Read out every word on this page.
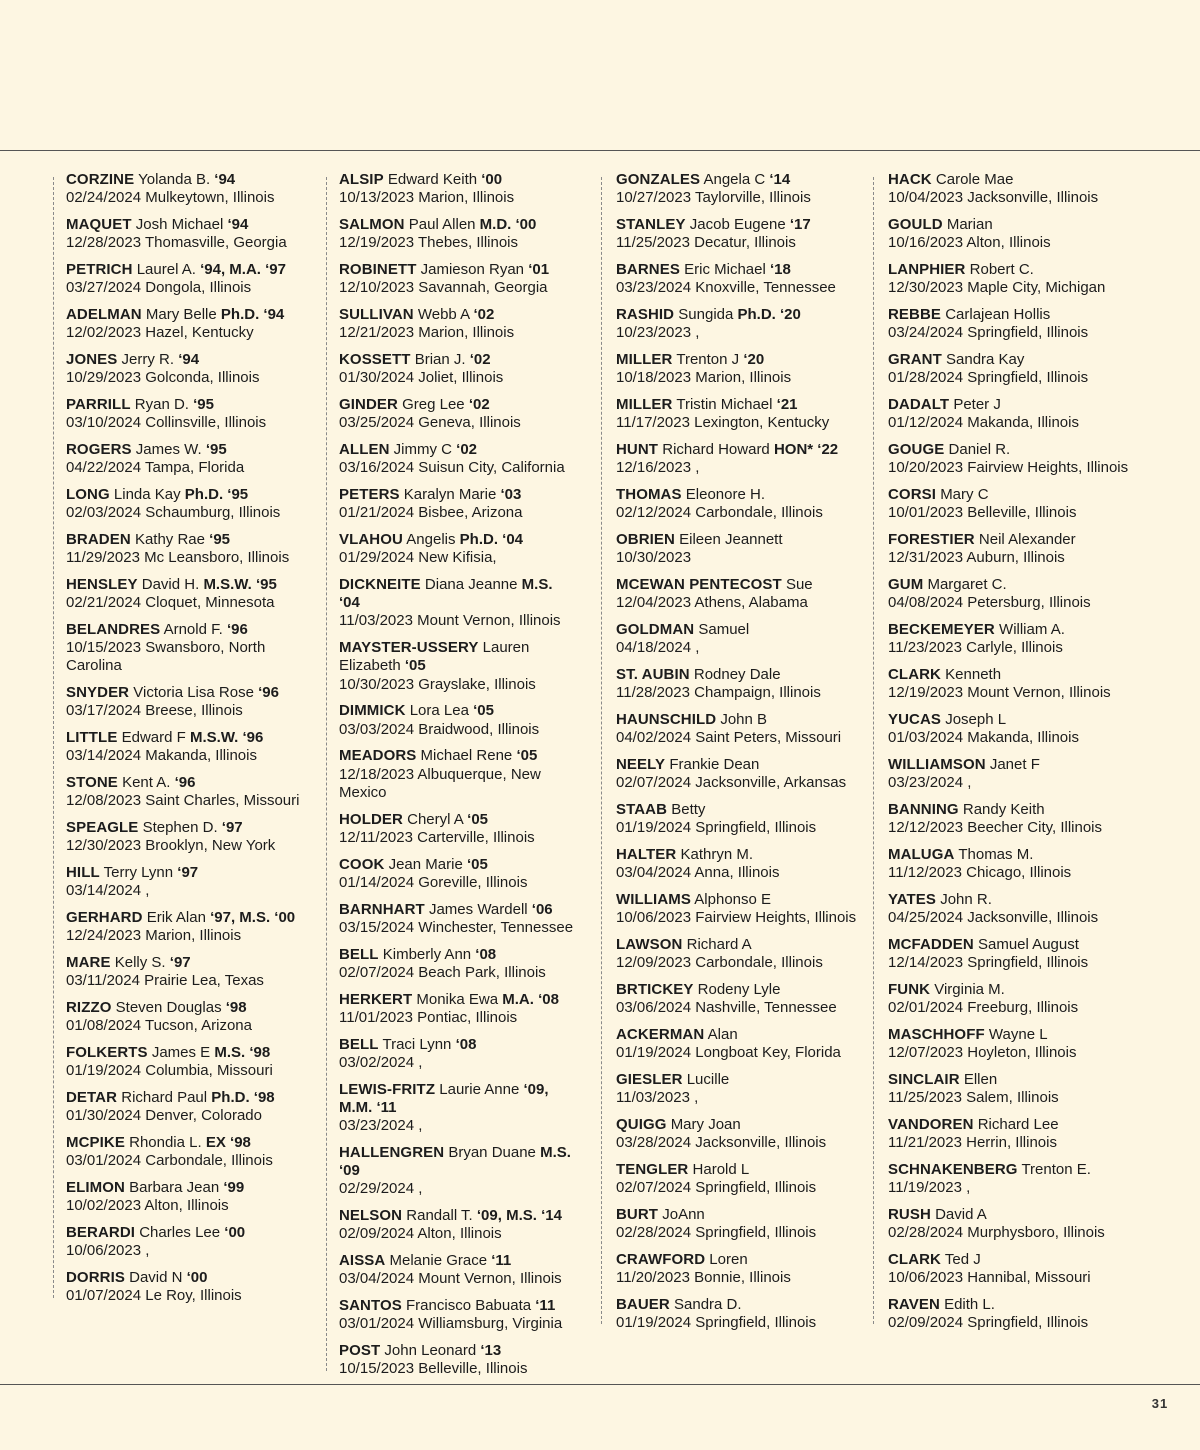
CORZINE Yolanda B. ‘94
02/24/2024 Mulkeytown, Illinois
MAQUET Josh Michael ‘94
12/28/2023 Thomasville, Georgia
PETRICH Laurel A. ‘94, M.A. ‘97
03/27/2024 Dongola, Illinois
ADELMAN Mary Belle Ph.D. ‘94
12/02/2023 Hazel, Kentucky
JONES Jerry R. ‘94
10/29/2023 Golconda, Illinois
PARRILL Ryan D. ‘95
03/10/2024 Collinsville, Illinois
ROGERS James W. ‘95
04/22/2024 Tampa, Florida
LONG Linda Kay Ph.D. ‘95
02/03/2024 Schaumburg, Illinois
BRADEN Kathy Rae ‘95
11/29/2023 Mc Leansboro, Illinois
HENSLEY David H. M.S.W. ‘95
02/21/2024 Cloquet, Minnesota
BELANDRES Arnold F. ‘96
10/15/2023 Swansboro, North Carolina
SNYDER Victoria Lisa Rose ‘96
03/17/2024 Breese, Illinois
LITTLE Edward F M.S.W. ‘96
03/14/2024 Makanda, Illinois
STONE Kent A. ‘96
12/08/2023 Saint Charles, Missouri
SPEAGLE Stephen D. ‘97
12/30/2023 Brooklyn, New York
HILL Terry Lynn ‘97
03/14/2024 ,
GERHARD Erik Alan ‘97, M.S. ‘00
12/24/2023 Marion, Illinois
MARE Kelly S. ‘97
03/11/2024 Prairie Lea, Texas
RIZZO Steven Douglas ‘98
01/08/2024 Tucson, Arizona
FOLKERTS James E M.S. ‘98
01/19/2024 Columbia, Missouri
DETAR Richard Paul Ph.D. ‘98
01/30/2024 Denver, Colorado
MCPIKE Rhondia L. EX ‘98
03/01/2024 Carbondale, Illinois
ELIMON Barbara Jean ‘99
10/02/2023 Alton, Illinois
BERARDI Charles Lee ‘00
10/06/2023 ,
DORRIS David N ‘00
01/07/2024 Le Roy, Illinois
ALSIP Edward Keith ‘00
10/13/2023 Marion, Illinois
SALMON Paul Allen M.D. ‘00
12/19/2023 Thebes, Illinois
ROBINETT Jamieson Ryan ‘01
12/10/2023 Savannah, Georgia
SULLIVAN Webb A ‘02
12/21/2023 Marion, Illinois
KOSSETT Brian J. ‘02
01/30/2024 Joliet, Illinois
GINDER Greg Lee ‘02
03/25/2024 Geneva, Illinois
ALLEN Jimmy C ‘02
03/16/2024 Suisun City, California
PETERS Karalyn Marie ‘03
01/21/2024 Bisbee, Arizona
VLAHOU Angelis Ph.D. ‘04
01/29/2024 New Kifisia,
DICKNEITE Diana Jeanne M.S. ‘04
11/03/2023 Mount Vernon, Illinois
MAYSTER-USSERY Lauren Elizabeth ‘05
10/30/2023 Grayslake, Illinois
DIMMICK Lora Lea ‘05
03/03/2024 Braidwood, Illinois
MEADORS Michael Rene ‘05
12/18/2023 Albuquerque, New Mexico
HOLDER Cheryl A ‘05
12/11/2023 Carterville, Illinois
COOK Jean Marie ‘05
01/14/2024 Goreville, Illinois
BARNHART James Wardell ‘06
03/15/2024 Winchester, Tennessee
BELL Kimberly Ann ‘08
02/07/2024 Beach Park, Illinois
HERKERT Monika Ewa M.A. ‘08
11/01/2023 Pontiac, Illinois
BELL Traci Lynn ‘08
03/02/2024 ,
LEWIS-FRITZ Laurie Anne ‘09, M.M. ‘11
03/23/2024 ,
HALLENGREN Bryan Duane M.S. ‘09
02/29/2024 ,
NELSON Randall T. ‘09, M.S. ‘14
02/09/2024 Alton, Illinois
AISSA Melanie Grace ‘11
03/04/2024 Mount Vernon, Illinois
SANTOS Francisco Babuata ‘11
03/01/2024 Williamsburg, Virginia
POST John Leonard ‘13
10/15/2023 Belleville, Illinois
GONZALES Angela C ‘14
10/27/2023 Taylorville, Illinois
STANLEY Jacob Eugene ‘17
11/25/2023 Decatur, Illinois
BARNES Eric Michael ‘18
03/23/2024 Knoxville, Tennessee
RASHID Sungida Ph.D. ‘20
10/23/2023 ,
MILLER Trenton J ‘20
10/18/2023 Marion, Illinois
MILLER Tristin Michael ‘21
11/17/2023 Lexington, Kentucky
HUNT Richard Howard HON* ‘22
12/16/2023 ,
THOMAS Eleonore H.
02/12/2024 Carbondale, Illinois
OBRIEN Eileen Jeannett
10/30/2023
MCEWAN PENTECOST Sue
12/04/2023 Athens, Alabama
GOLDMAN Samuel
04/18/2024 ,
ST. AUBIN Rodney Dale
11/28/2023 Champaign, Illinois
HAUNSCHILD John B
04/02/2024 Saint Peters, Missouri
NEELY Frankie Dean
02/07/2024 Jacksonville, Arkansas
STAAB Betty
01/19/2024 Springfield, Illinois
HALTER Kathryn M.
03/04/2024 Anna, Illinois
WILLIAMS Alphonso E
10/06/2023 Fairview Heights, Illinois
LAWSON Richard A
12/09/2023 Carbondale, Illinois
BRTICKEY Rodeny Lyle
03/06/2024 Nashville, Tennessee
ACKERMAN Alan
01/19/2024 Longboat Key, Florida
GIESLER Lucille
11/03/2023 ,
QUIGG Mary Joan
03/28/2024 Jacksonville, Illinois
TENGLER Harold L
02/07/2024 Springfield, Illinois
BURT JoAnn
02/28/2024 Springfield, Illinois
CRAWFORD Loren
11/20/2023 Bonnie, Illinois
BAUER Sandra D.
01/19/2024 Springfield, Illinois
HACK Carole Mae
10/04/2023 Jacksonville, Illinois
GOULD Marian
10/16/2023 Alton, Illinois
LANPHIER Robert C.
12/30/2023 Maple City, Michigan
REBBE Carlajean Hollis
03/24/2024 Springfield, Illinois
GRANT Sandra Kay
01/28/2024 Springfield, Illinois
DADALT Peter J
01/12/2024 Makanda, Illinois
GOUGE Daniel R.
10/20/2023 Fairview Heights, Illinois
CORSI Mary C
10/01/2023 Belleville, Illinois
FORESTIER Neil Alexander
12/31/2023 Auburn, Illinois
GUM Margaret C.
04/08/2024 Petersburg, Illinois
BECKEMEYER William A.
11/23/2023 Carlyle, Illinois
CLARK Kenneth
12/19/2023 Mount Vernon, Illinois
YUCAS Joseph L
01/03/2024 Makanda, Illinois
WILLIAMSON Janet F
03/23/2024 ,
BANNING Randy Keith
12/12/2023 Beecher City, Illinois
MALUGA Thomas M.
11/12/2023 Chicago, Illinois
YATES John R.
04/25/2024 Jacksonville, Illinois
MCFADDEN Samuel August
12/14/2023 Springfield, Illinois
FUNK Virginia M.
02/01/2024 Freeburg, Illinois
MASCHHOFF Wayne L
12/07/2023 Hoyleton, Illinois
SINCLAIR Ellen
11/25/2023 Salem, Illinois
VANDOREN Richard Lee
11/21/2023 Herrin, Illinois
SCHNAKENBERG Trenton E.
11/19/2023 ,
RUSH David A
02/28/2024 Murphysboro, Illinois
CLARK Ted J
10/06/2023 Hannibal, Missouri
RAVEN Edith L.
02/09/2024 Springfield, Illinois
31
